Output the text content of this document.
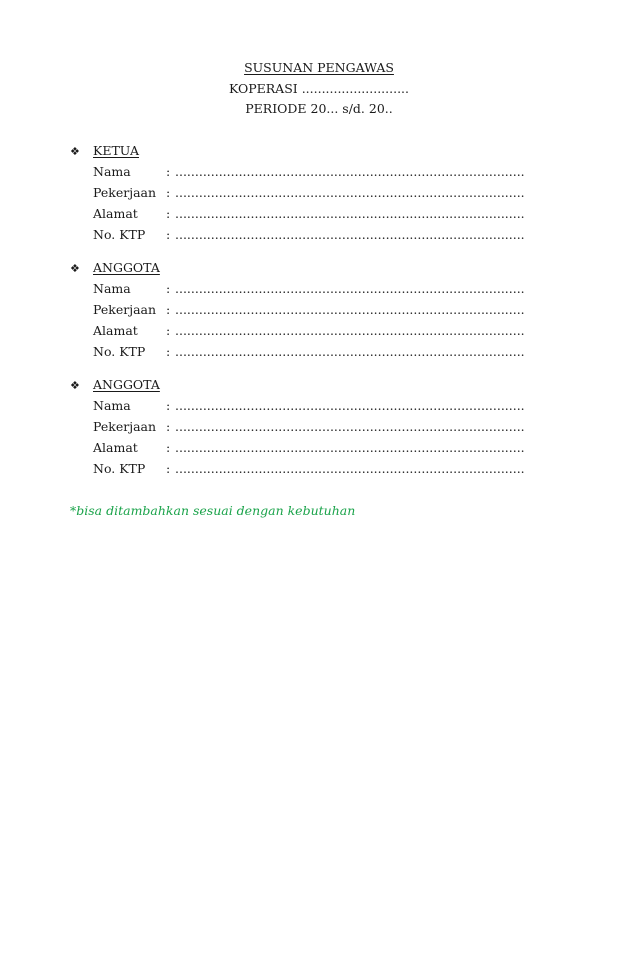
SUSUNAN PENGAWAS
KOPERASI ...........................
PERIODE 20... s/d. 20..
❖ KETUA
Nama	: ........................................................................................
Pekerjaan : ........................................................................................
Alamat : ........................................................................................
No. KTP : ........................................................................................
❖ ANGGOTA
Nama	: ........................................................................................
Pekerjaan : ........................................................................................
Alamat : ........................................................................................
No. KTP : ........................................................................................
❖ ANGGOTA
Nama	: ........................................................................................
Pekerjaan : ........................................................................................
Alamat : ........................................................................................
No. KTP : ........................................................................................
*bisa ditambahkan sesuai dengan kebutuhan
